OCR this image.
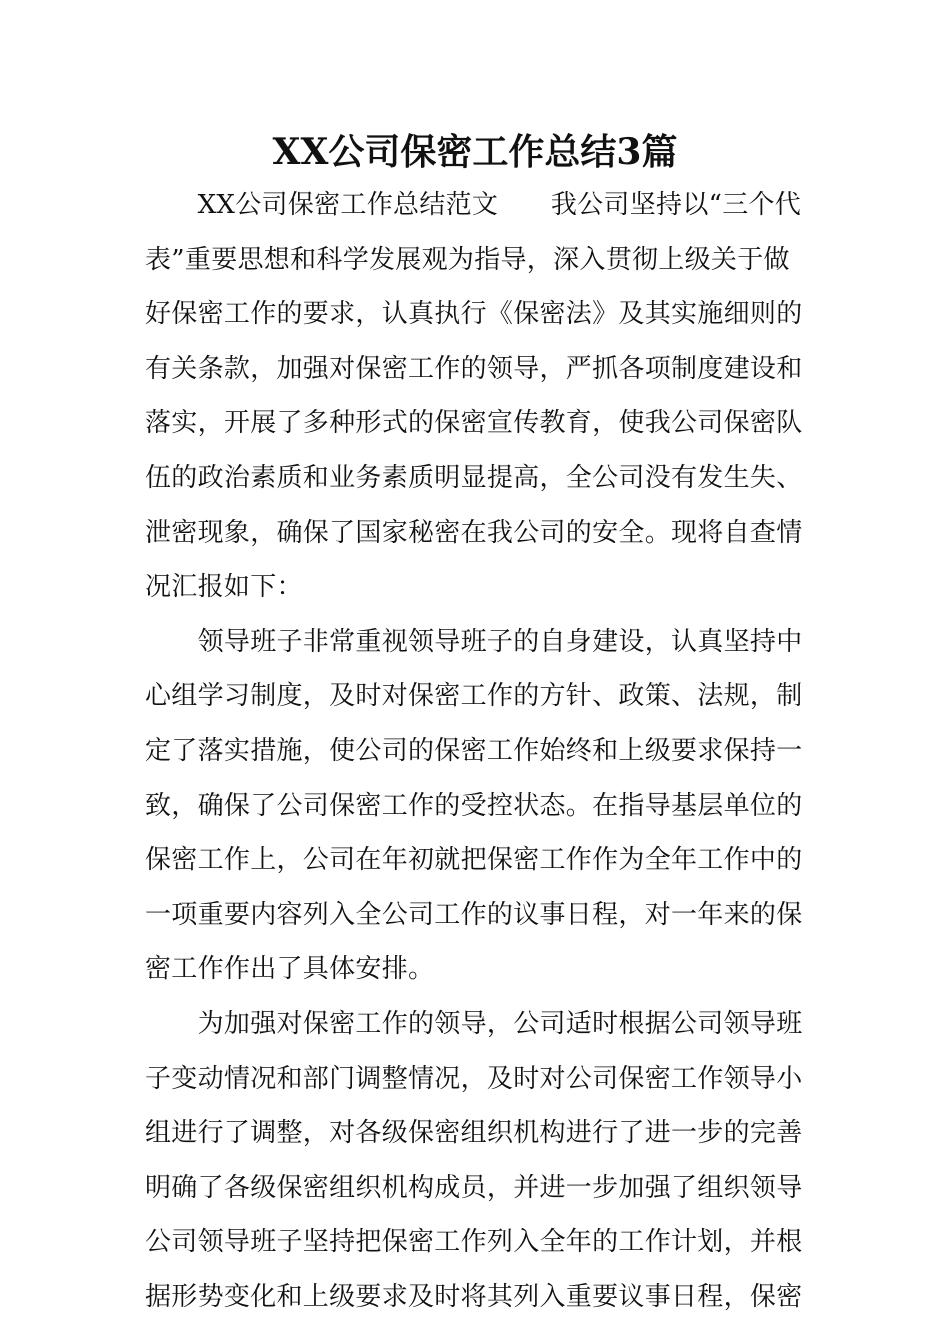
XX公司保密工作总结3篇
　　XX公司保密工作总结范文　　我公司坚持以“三个代
表”重要思想和科学发展观为指导，深入贯彻上级关于做
好保密工作的要求，认真执行《保密法》及其实施细则的
有关条款，加强对保密工作的领导，严抓各项制度建设和
落实，开展了多种形式的保密宣传教育，使我公司保密队
伍的政治素质和业务素质明显提高，全公司没有发生失、
泄密现象，确保了国家秘密在我公司的安全。现将自查情
况汇报如下：
　　领导班子非常重视领导班子的自身建设，认真坚持中
心组学习制度，及时对保密工作的方针、政策、法规，制
定了落实措施，使公司的保密工作始终和上级要求保持一
致，确保了公司保密工作的受控状态。在指导基层单位的
保密工作上，公司在年初就把保密工作作为全年工作中的
一项重要内容列入全公司工作的议事日程，对一年来的保
密工作作出了具体安排。
　　为加强对保密工作的领导，公司适时根据公司领导班
子变动情况和部门调整情况，及时对公司保密工作领导小
组进行了调整，对各级保密组织机构进行了进一步的完善
明确了各级保密组织机构成员，并进一步加强了组织领导
公司领导班子坚持把保密工作列入全年的工作计划，并根
据形势变化和上级要求及时将其列入重要议事日程，保密
